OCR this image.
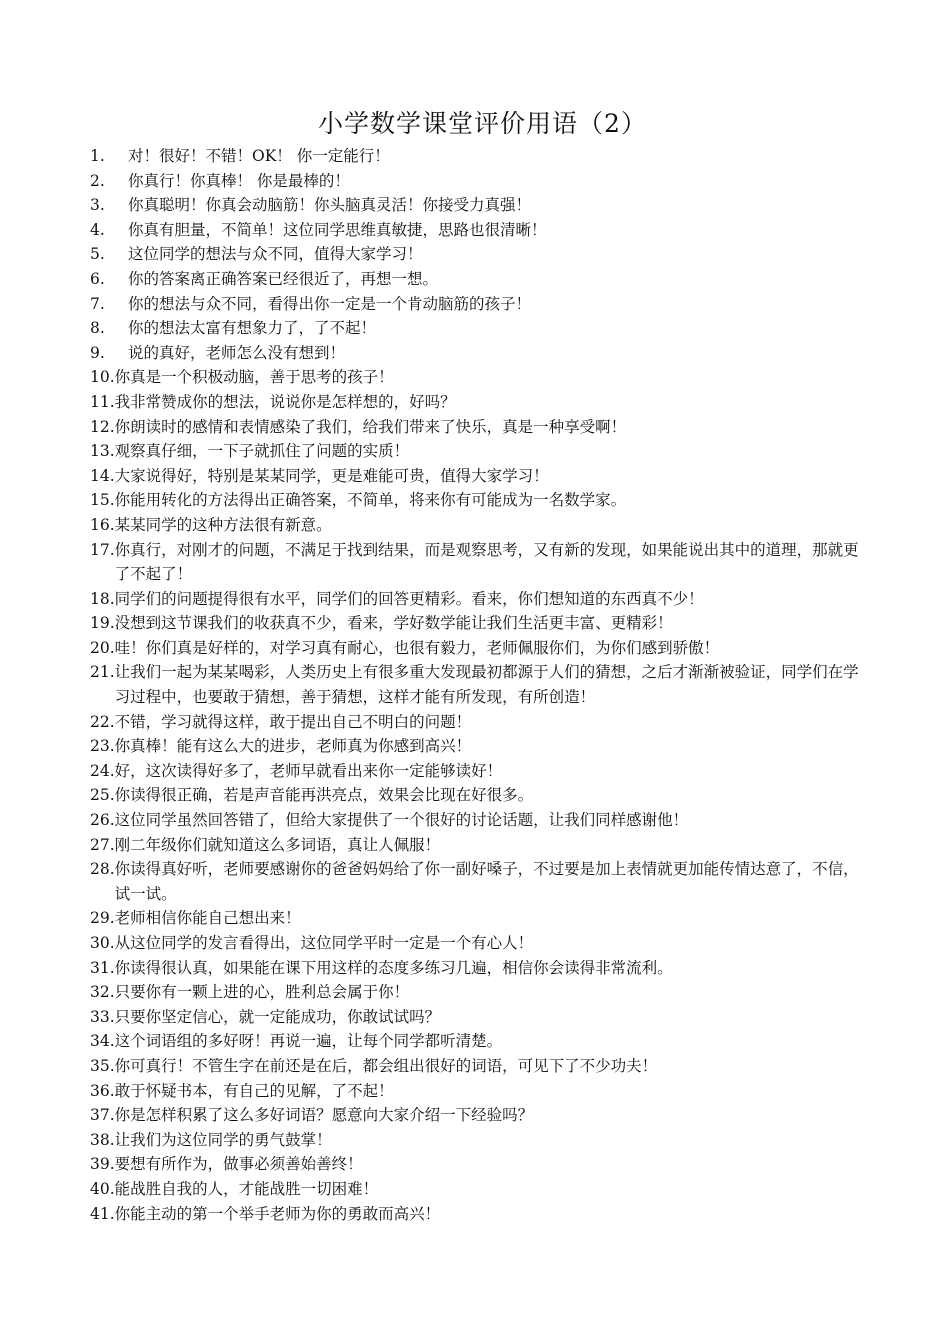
小学数学课堂评价用语（2）
1.	对！很好！不错！OK！ 你一定能行！
2.	你真行！你真棒！ 你是最棒的！
3.	你真聪明！你真会动脑筋！你头脑真灵活！你接受力真强！
4.	你真有胆量，不简单！这位同学思维真敏捷，思路也很清晰！
5.	这位同学的想法与众不同，值得大家学习！
6.	你的答案离正确答案已经很近了，再想一想。
7.	你的想法与众不同，看得出你一定是一个肯动脑筋的孩子！
8.	你的想法太富有想象力了，了不起！
9.	说的真好，老师怎么没有想到！
10. 你真是一个积极动脑，善于思考的孩子！
11. 我非常赞成你的想法，说说你是怎样想的，好吗？
12. 你朗读时的感情和表情感染了我们，给我们带来了快乐，真是一种享受啊！
13. 观察真仔细，一下子就抓住了问题的实质！
14. 大家说得好，特别是某某同学，更是难能可贵，值得大家学习！
15. 你能用转化的方法得出正确答案，不简单，将来你有可能成为一名数学家。
16. 某某同学的这种方法很有新意。
17. 你真行，对刚才的问题，不满足于找到结果，而是观察思考，又有新的发现，如果能说出其中的道理，那就更了不起了！
18. 同学们的问题提得很有水平，同学们的回答更精彩。看来，你们想知道的东西真不少！
19. 没想到这节课我们的收获真不少，看来，学好数学能让我们生活更丰富、更精彩！
20. 哇！你们真是好样的，对学习真有耐心，也很有毅力，老师佩服你们，为你们感到骄傲！
21. 让我们一起为某某喝彩，人类历史上有很多重大发现最初都源于人们的猜想，之后才渐渐被验证，同学们在学习过程中，也要敢于猜想，善于猜想，这样才能有所发现，有所创造！
22. 不错，学习就得这样，敢于提出自己不明白的问题！
23. 你真棒！能有这么大的进步，老师真为你感到高兴！
24. 好，这次读得好多了，老师早就看出来你一定能够读好！
25. 你读得很正确，若是声音能再洪亮点，效果会比现在好很多。
26. 这位同学虽然回答错了，但给大家提供了一个很好的讨论话题，让我们同样感谢他！
27. 刚二年级你们就知道这么多词语，真让人佩服！
28. 你读得真好听，老师要感谢你的爸爸妈妈给了你一副好嗓子，不过要是加上表情就更加能传情达意了，不信，试一试。
29. 老师相信你能自己想出来！
30. 从这位同学的发言看得出，这位同学平时一定是一个有心人！
31. 你读得很认真，如果能在课下用这样的态度多练习几遍，相信你会读得非常流利。
32. 只要你有一颗上进的心，胜利总会属于你！
33. 只要你坚定信心，就一定能成功，你敢试试吗？
34. 这个词语组的多好呀！再说一遍，让每个同学都听清楚。
35. 你可真行！不管生字在前还是在后，都会组出很好的词语，可见下了不少功夫！
36. 敢于怀疑书本，有自己的见解，了不起！
37. 你是怎样积累了这么多好词语？愿意向大家介绍一下经验吗？
38. 让我们为这位同学的勇气鼓掌！
39. 要想有所作为，做事必须善始善终！
40. 能战胜自我的人，才能战胜一切困难！
41. 你能主动的第一个举手老师为你的勇敢而高兴！
